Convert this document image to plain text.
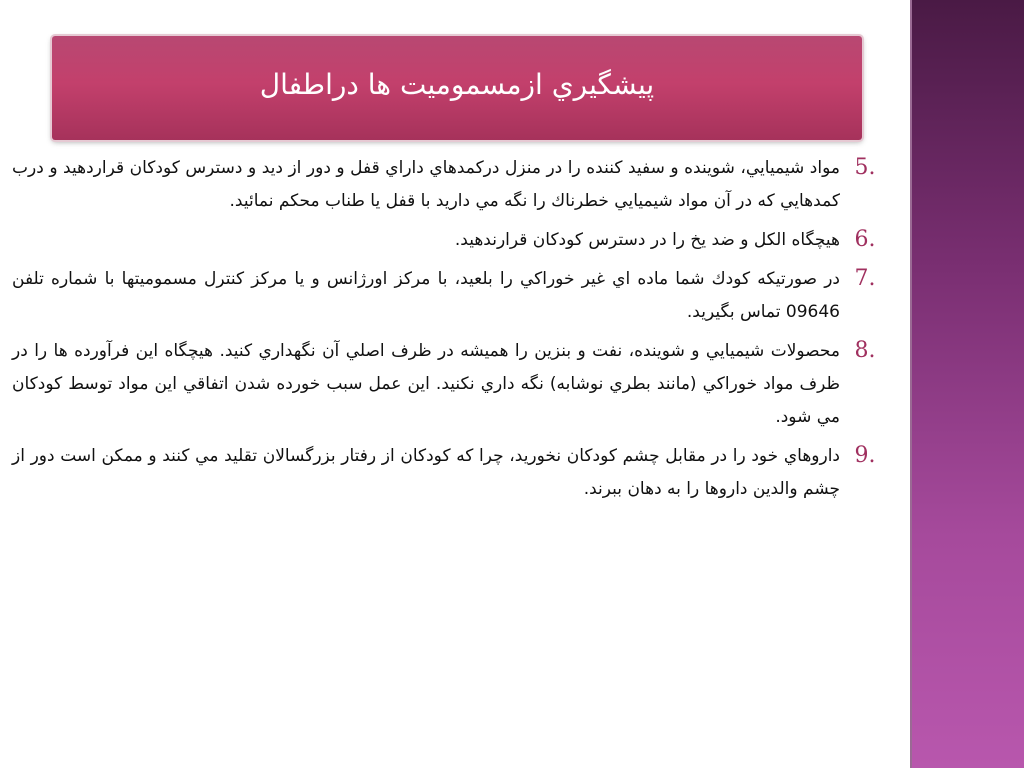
پيشگيري ازمسموميت ها دراطفال
5.
مواد شيميايي، شوينده و سفيد كننده را در منزل دركمدهاي داراي قفل و دور از ديد و دسترس كودكان قراردهيد و درب كمدهايي كه در آن مواد شيميايي خطرناك را نگه مي داريد با قفل يا طناب محكم نمائيد.
6.
هيچگاه الكل و ضد يخ را در دسترس كودكان قرارندهيد.
7.
در صورتيكه كودك شما ماده اي غير خوراكي را بلعيد، با مركز اورژانس و يا مركز كنترل مسموميتها با شماره تلفن 09646 تماس بگيريد.
8.
محصولات شيميايي و شوينده، نفت و بنزين را هميشه در ظرف اصلي آن نگهداري كنيد. هيچگاه اين فرآورده ها را در ظرف مواد خوراكي (مانند بطري نوشابه) نگه داري نكنيد. اين عمل سبب خورده شدن اتفاقي اين مواد توسط كودكان مي شود.
9.
داروهاي خود را در مقابل چشم كودكان نخوريد، چرا كه كودكان از رفتار بزرگسالان تقليد مي كنند و ممكن است دور از چشم والدين داروها را به دهان ببرند.
